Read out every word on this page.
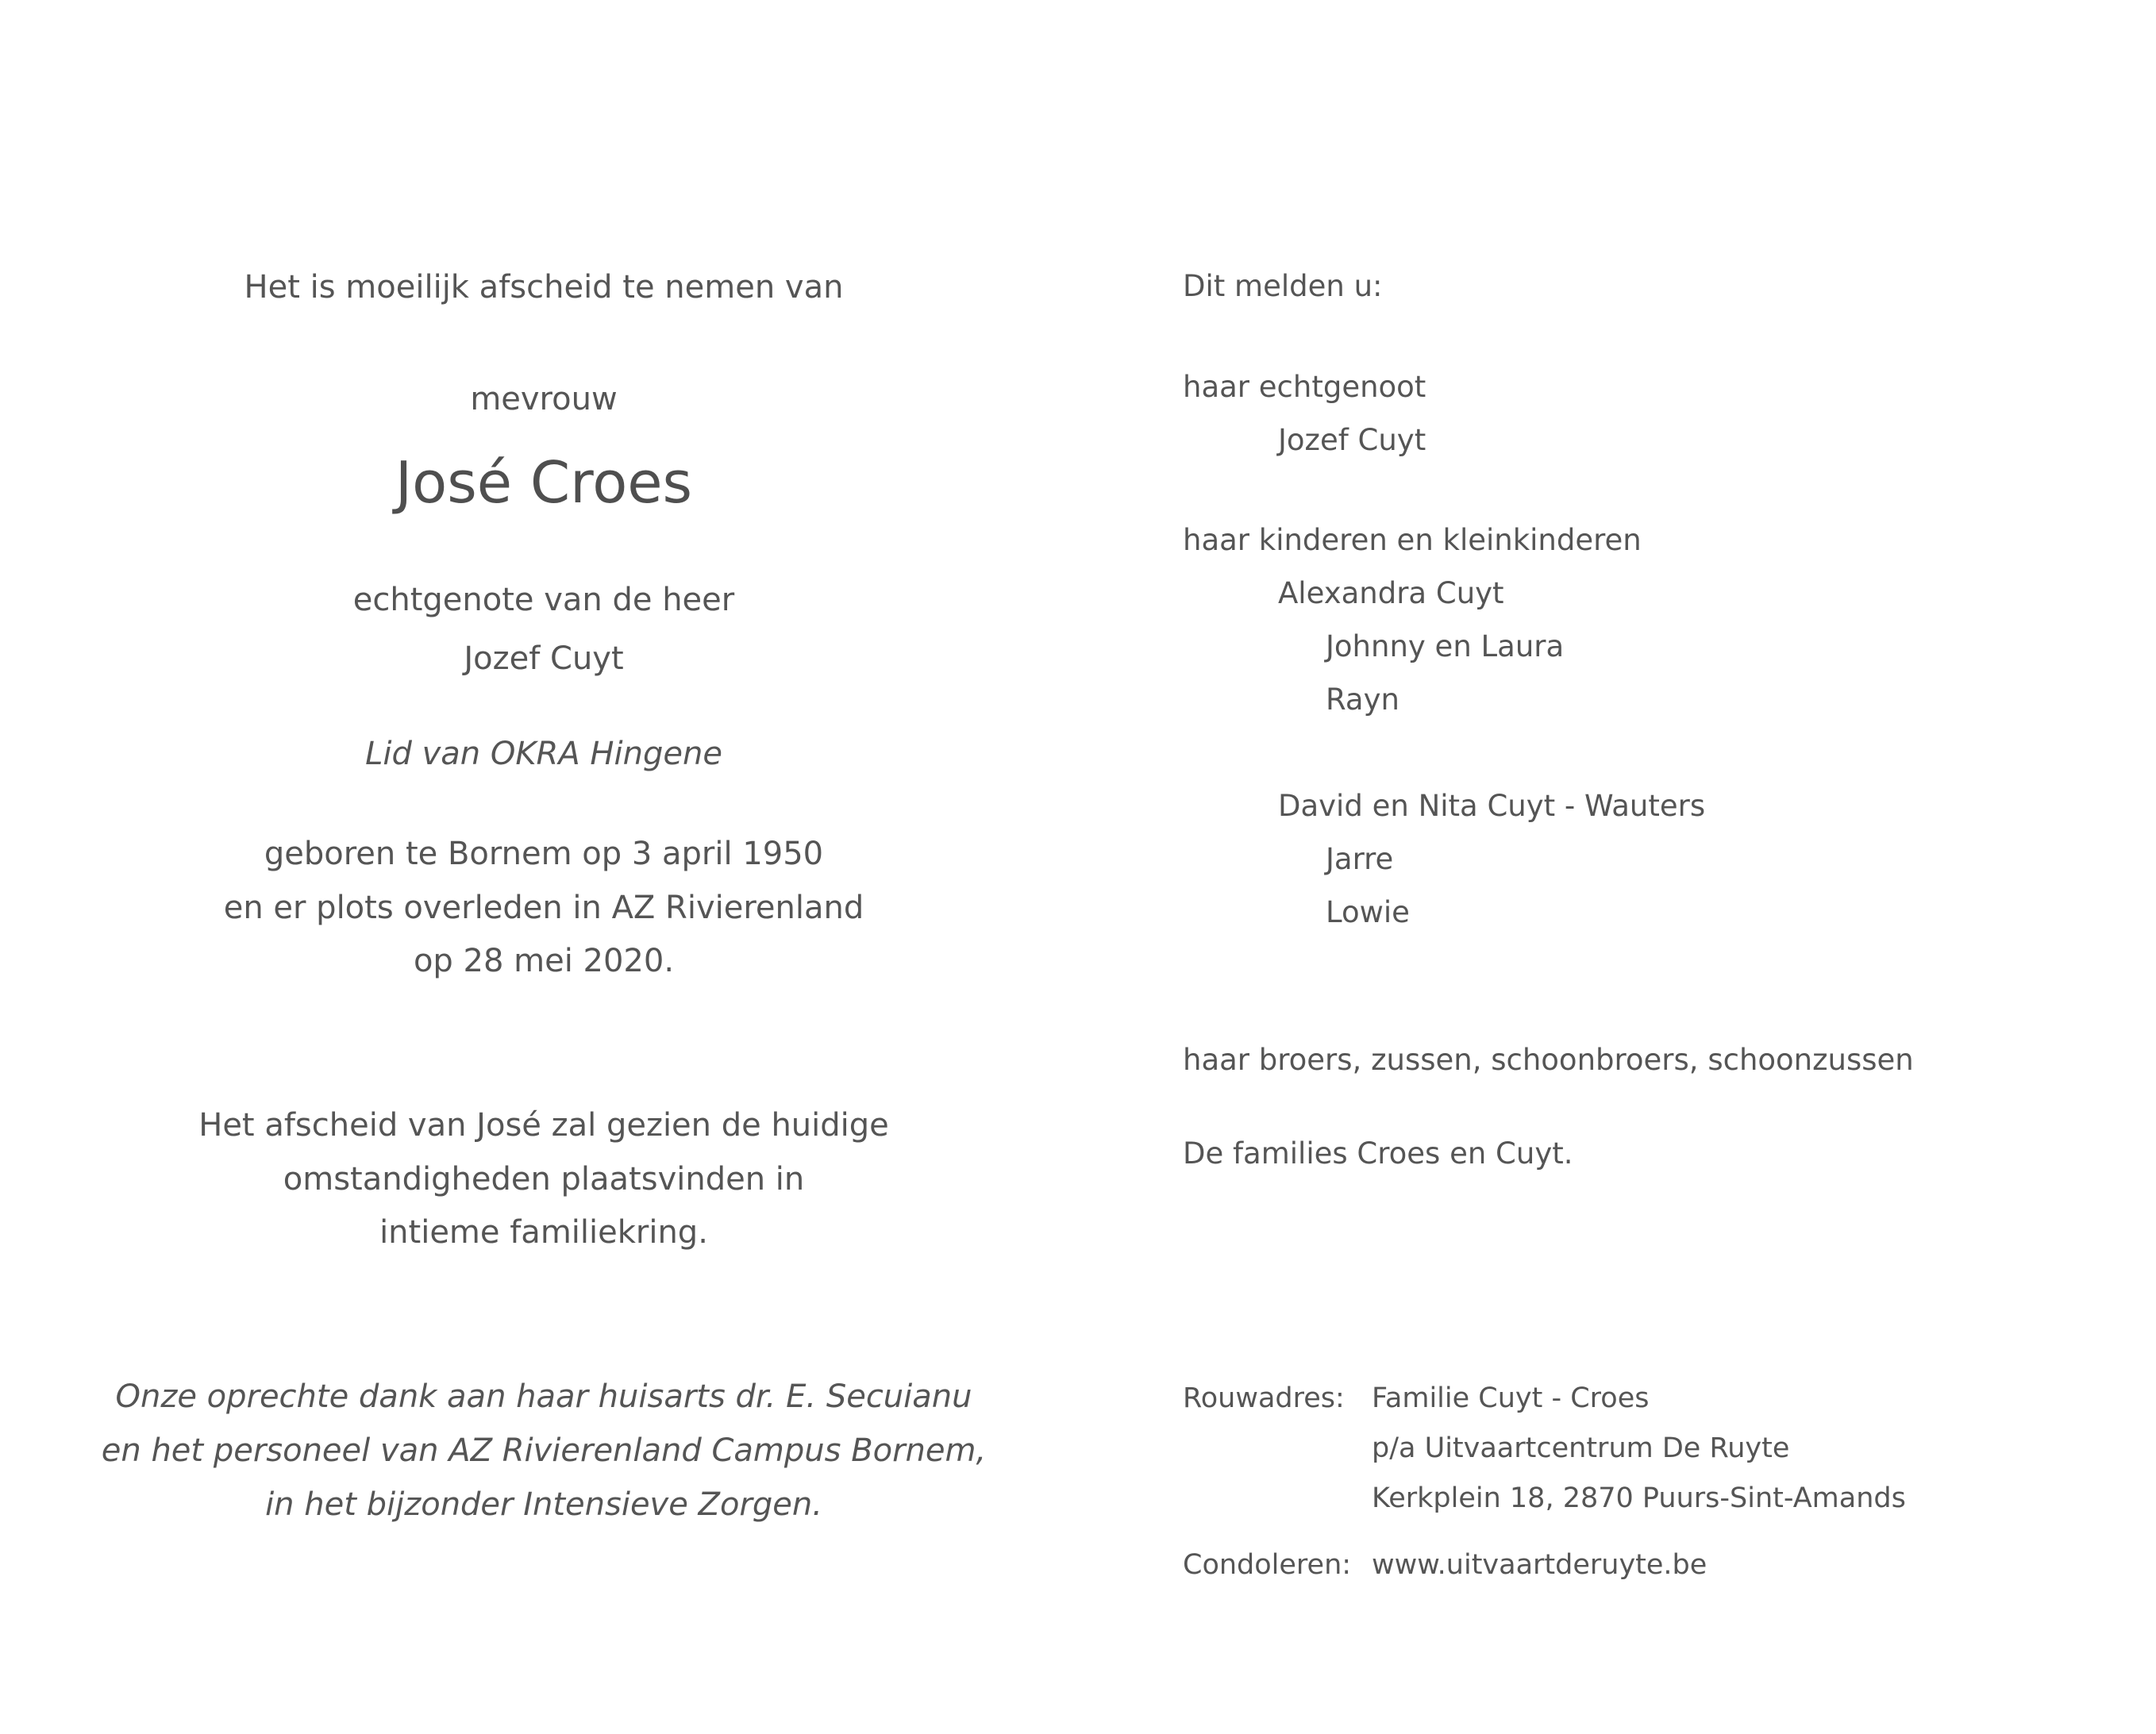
Het is moeilijk afscheid te nemen van
mevrouw
José Croes
echtgenote van de heer
Jozef Cuyt
Lid van OKRA Hingene
geboren te Bornem op 3 april 1950
en er plots overleden in AZ Rivierenland
op 28 mei 2020.
Het afscheid van José zal gezien de huidige
omstandigheden plaatsvinden in
intieme familiekring.
Onze oprechte dank aan haar huisarts dr. E. Secuianu
en het personeel van AZ Rivierenland Campus Bornem,
in het bijzonder Intensieve Zorgen.
Dit melden u:
haar echtgenoot
Jozef Cuyt
haar kinderen en kleinkinderen
Alexandra Cuyt
Johnny en Laura
Rayn
David en Nita Cuyt - Wauters
Jarre
Lowie
haar broers, zussen, schoonbroers, schoonzussen
De families Croes en Cuyt.
Rouwadres: Familie Cuyt - Croes
p/a Uitvaartcentrum De Ruyte
Kerkplein 18, 2870 Puurs-Sint-Amands
Condoleren: www.uitvaartderuyte.be
